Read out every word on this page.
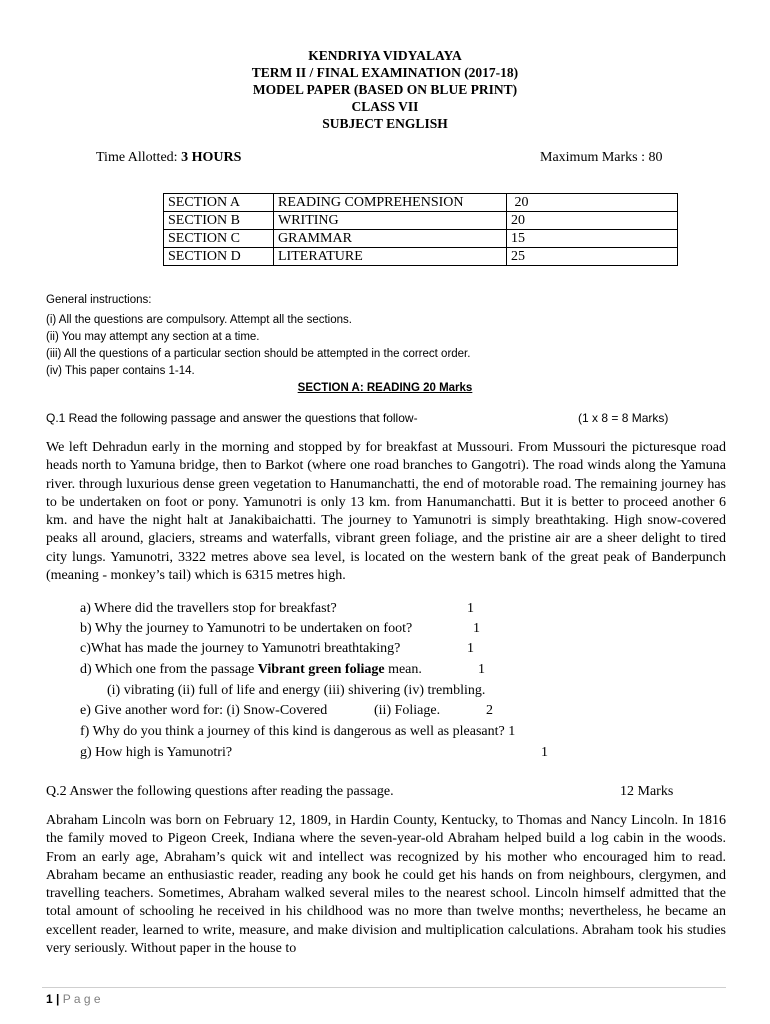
KENDRIYA VIDYALAYA
TERM II / FINAL EXAMINATION (2017-18)
MODEL PAPER (BASED ON BLUE PRINT)
CLASS VII
SUBJECT ENGLISH
Time Allotted: 3 HOURS	Maximum Marks : 80
SECTION A	READING COMPREHENSION	20
SECTION B	WRITING	20
SECTION C	GRAMMAR	15
SECTION D	LITERATURE	25
General instructions:
(i) All the questions are compulsory. Attempt all the sections.
(ii) You may attempt any section at a time.
(iii) All the questions of a particular section should be attempted in the correct order.
(iv) This paper contains 1-14.
SECTION A: READING 20 Marks
Q.1 Read the following passage and answer the questions that follow-	(1 x 8 = 8 Marks)
We left Dehradun early in the morning and stopped by for breakfast at Mussouri. From Mussouri the picturesque road heads north to Yamuna bridge, then to Barkot (where one road branches to Gangotri). The road winds along the Yamuna river. through luxurious dense green vegetation to Hanumanchatti, the end of motorable road. The remaining journey has to be undertaken on foot or pony. Yamunotri is only 13 km. from Hanumanchatti. But it is better to proceed another 6 km. and have the night halt at Janakibaichatti. The journey to Yamunotri is simply breathtaking. High snow-covered peaks all around, glaciers, streams and waterfalls, vibrant green foliage, and the pristine air are a sheer delight to tired city lungs. Yamunotri, 3322 metres above sea level, is located on the western bank of the great peak of Banderpunch (meaning - monkey’s tail) which is 6315 metres high.
a) Where did the travellers stop for breakfast?	1
b) Why the journey to Yamunotri to be undertaken on foot?	1
c)What has made the journey to Yamunotri breathtaking?	1
d) Which one from the passage Vibrant green foliage mean.	1
(i) vibrating (ii) full of life and energy (iii) shivering (iv) trembling.
e) Give another word for: (i) Snow-Covered	(ii) Foliage.	2
f) Why do you think a journey of this kind is dangerous as well as pleasant? 1
g) How high is Yamunotri?	1
Q.2 Answer the following questions after reading the passage.	12 Marks
Abraham Lincoln was born on February 12, 1809, in Hardin County, Kentucky, to Thomas and Nancy Lincoln. In 1816 the family moved to Pigeon Creek, Indiana where the seven-year-old Abraham helped build a log cabin in the woods. From an early age, Abraham’s quick wit and intellect was recognized by his mother who encouraged him to read. Abraham became an enthusiastic reader, reading any book he could get his hands on from neighbours, clergymen, and travelling teachers. Sometimes, Abraham walked several miles to the nearest school. Lincoln himself admitted that the total amount of schooling he received in his childhood was no more than twelve months; nevertheless, he became an excellent reader, learned to write, measure, and make division and multiplication calculations. Abraham took his studies very seriously. Without paper in the house to
1 | P a g e
